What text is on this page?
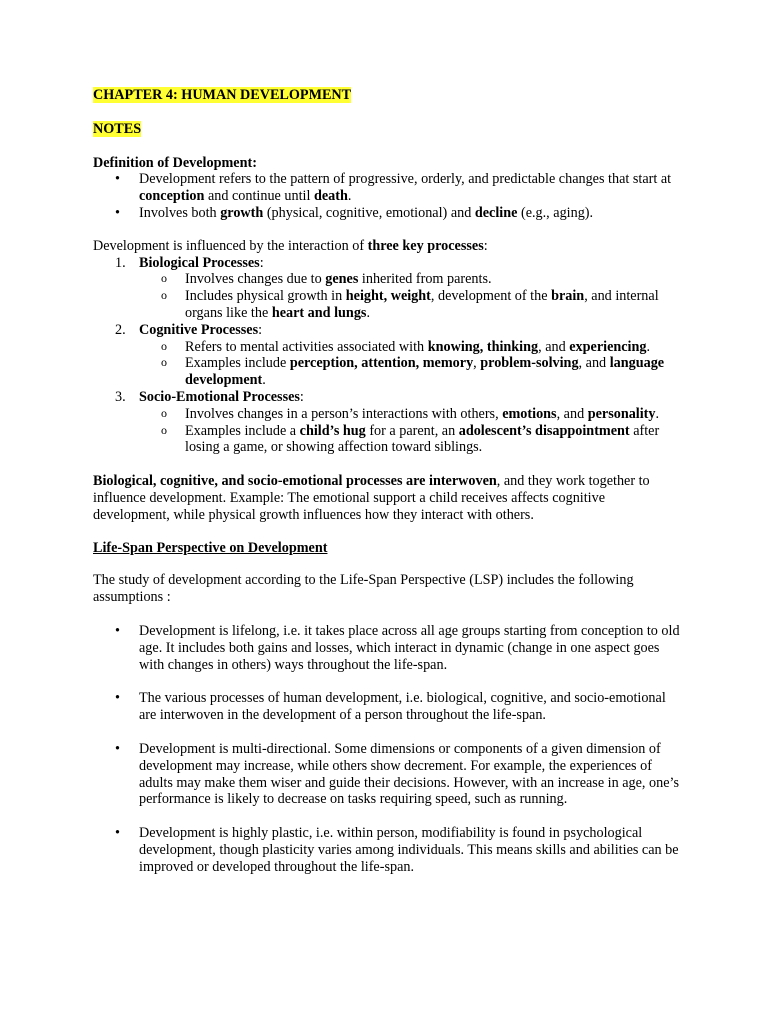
CHAPTER 4: HUMAN DEVELOPMENT

NOTES

Definition of Development:

• Development refers to the pattern of progressive, orderly, and predictable changes that start at conception and continue until death.
• Involves both growth (physical, cognitive, emotional) and decline (e.g., aging).

Development is influenced by the interaction of three key processes:

1. Biological Processes:
o Involves changes due to genes inherited from parents.
o Includes physical growth in height, weight, development of the brain, and internal organs like the heart and lungs.
2. Cognitive Processes:
o Refers to mental activities associated with knowing, thinking, and experiencing.
o Examples include perception, attention, memory, problem-solving, and language development.
3. Socio-Emotional Processes:
o Involves changes in a person’s interactions with others, emotions, and personality.
o Examples include a child’s hug for a parent, an adolescent’s disappointment after losing a game, or showing affection toward siblings.

Biological, cognitive, and socio-emotional processes are interwoven, and they work together to influence development. Example: The emotional support a child receives affects cognitive development, while physical growth influences how they interact with others.

Life-Span Perspective on Development

The study of development according to the Life-Span Perspective (LSP) includes the following assumptions :

• Development is lifelong, i.e. it takes place across all age groups starting from conception to old age. It includes both gains and losses, which interact in dynamic (change in one aspect goes with changes in others) ways throughout the life-span.
• The various processes of human development, i.e. biological, cognitive, and socio-emotional are interwoven in the development of a person throughout the life-span.
• Development is multi-directional. Some dimensions or components of a given dimension of development may increase, while others show decrement. For example, the experiences of adults may make them wiser and guide their decisions. However, with an increase in age, one’s performance is likely to decrease on tasks requiring speed, such as running.
• Development is highly plastic, i.e. within person, modifiability is found in psychological development, though plasticity varies among individuals. This means skills and abilities can be improved or developed throughout the life-span.
